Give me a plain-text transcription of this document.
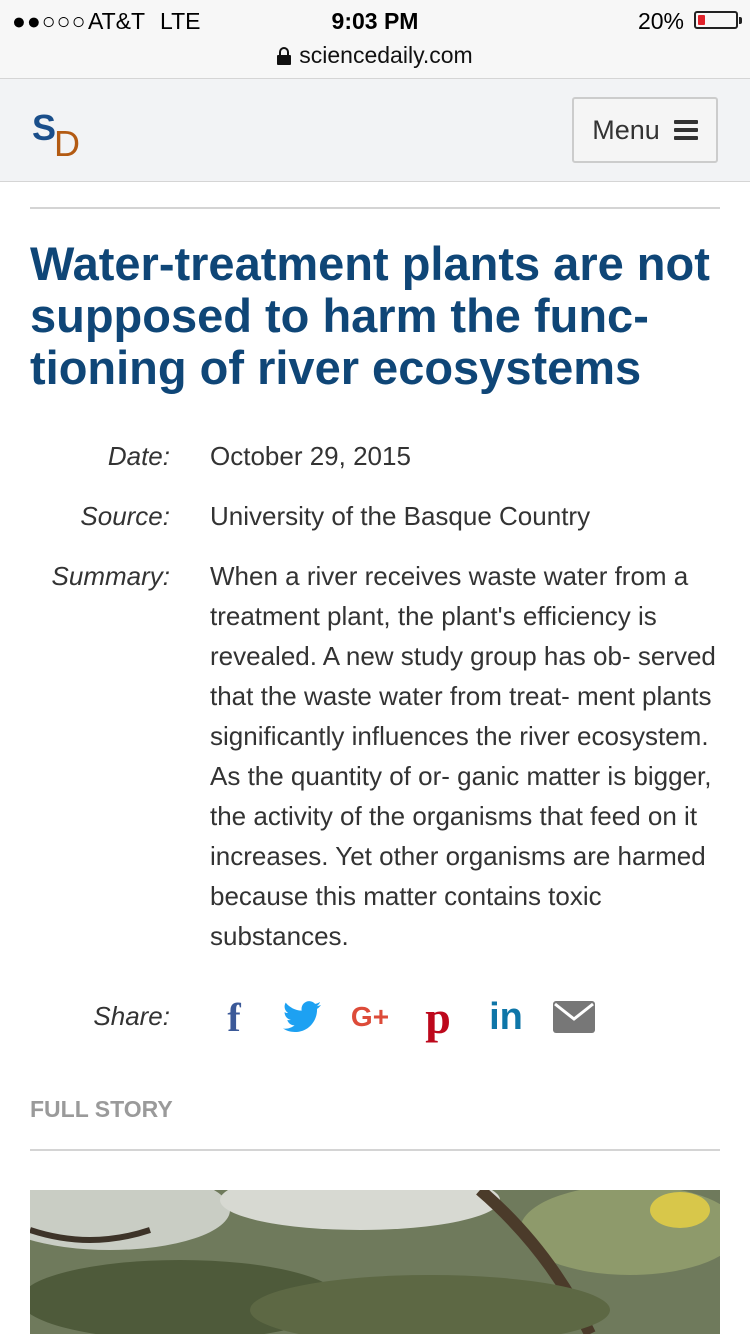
●●○○○ AT&T LTE	9:03 PM	20%
sciencedaily.com
S
D	Menu
Water-treatment plants are not supposed to harm the func- tioning of river ecosystems
Date: October 29, 2015
Source: University of the Basque Country
Summary: When a river receives waste water from a treatment plant, the plant's efficiency is revealed. A new study group has ob- served that the waste water from treat- ment plants significantly influences the river ecosystem. As the quantity of or- ganic matter is bigger, the activity of the organisms that feed on it increases. Yet other organisms are harmed because this matter contains toxic substances.
Share: f	G+ p in
FULL STORY
